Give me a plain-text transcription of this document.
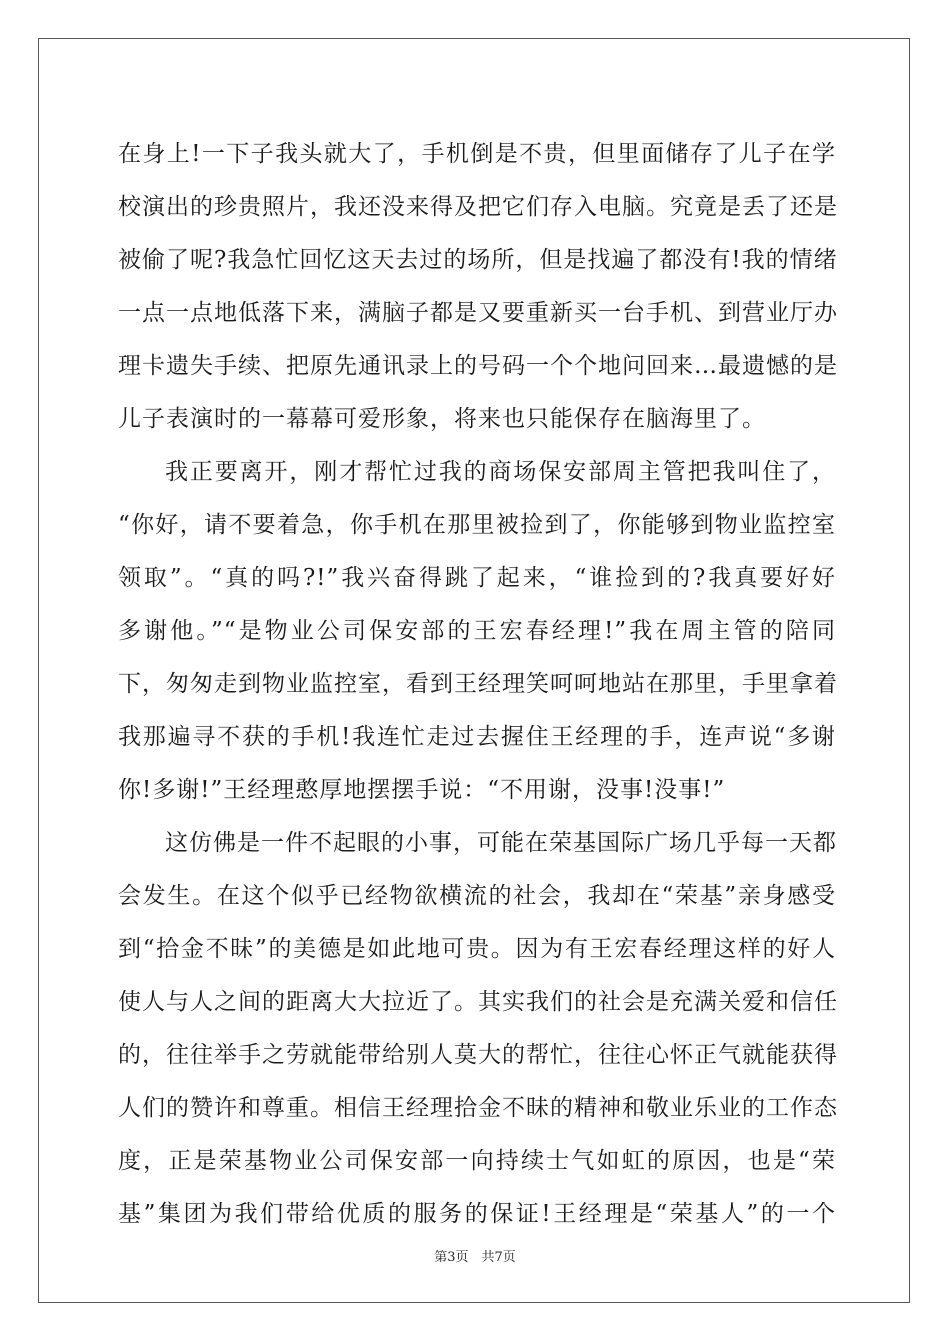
在身上!一下子我头就大了，手机倒是不贵，但里面储存了儿子在学
校演出的珍贵照片，我还没来得及把它们存入电脑。究竟是丢了还是
被偷了呢?我急忙回忆这天去过的场所，但是找遍了都没有!我的情绪
一点一点地低落下来，满脑子都是又要重新买一台手机、到营业厅办
理卡遗失手续、把原先通讯录上的号码一个个地问回来…最遗憾的是
儿子表演时的一幕幕可爱形象，将来也只能保存在脑海里了。
我正要离开，刚才帮忙过我的商场保安部周主管把我叫住了，
“你好，请不要着急，你手机在那里被捡到了，你能够到物业监控室
领取”。“真的吗?!”我兴奋得跳了起来，“谁捡到的?我真要好好
多谢他。”“是物业公司保安部的王宏春经理!”我在周主管的陪同
下，匆匆走到物业监控室，看到王经理笑呵呵地站在那里，手里拿着
我那遍寻不获的手机!我连忙走过去握住王经理的手，连声说“多谢
你!多谢!”王经理憨厚地摆摆手说：“不用谢，没事!没事!”
这仿佛是一件不起眼的小事，可能在荣基国际广场几乎每一天都
会发生。在这个似乎已经物欲横流的社会，我却在“荣基”亲身感受
到“拾金不昧”的美德是如此地可贵。因为有王宏春经理这样的好人
使人与人之间的距离大大拉近了。其实我们的社会是充满关爱和信任
的，往往举手之劳就能带给别人莫大的帮忙，往往心怀正气就能获得
人们的赞许和尊重。相信王经理拾金不昧的精神和敬业乐业的工作态
度，正是荣基物业公司保安部一向持续士气如虹的原因，也是“荣
基”集团为我们带给优质的服务的保证!王经理是“荣基人”的一个
第3页　共7页
